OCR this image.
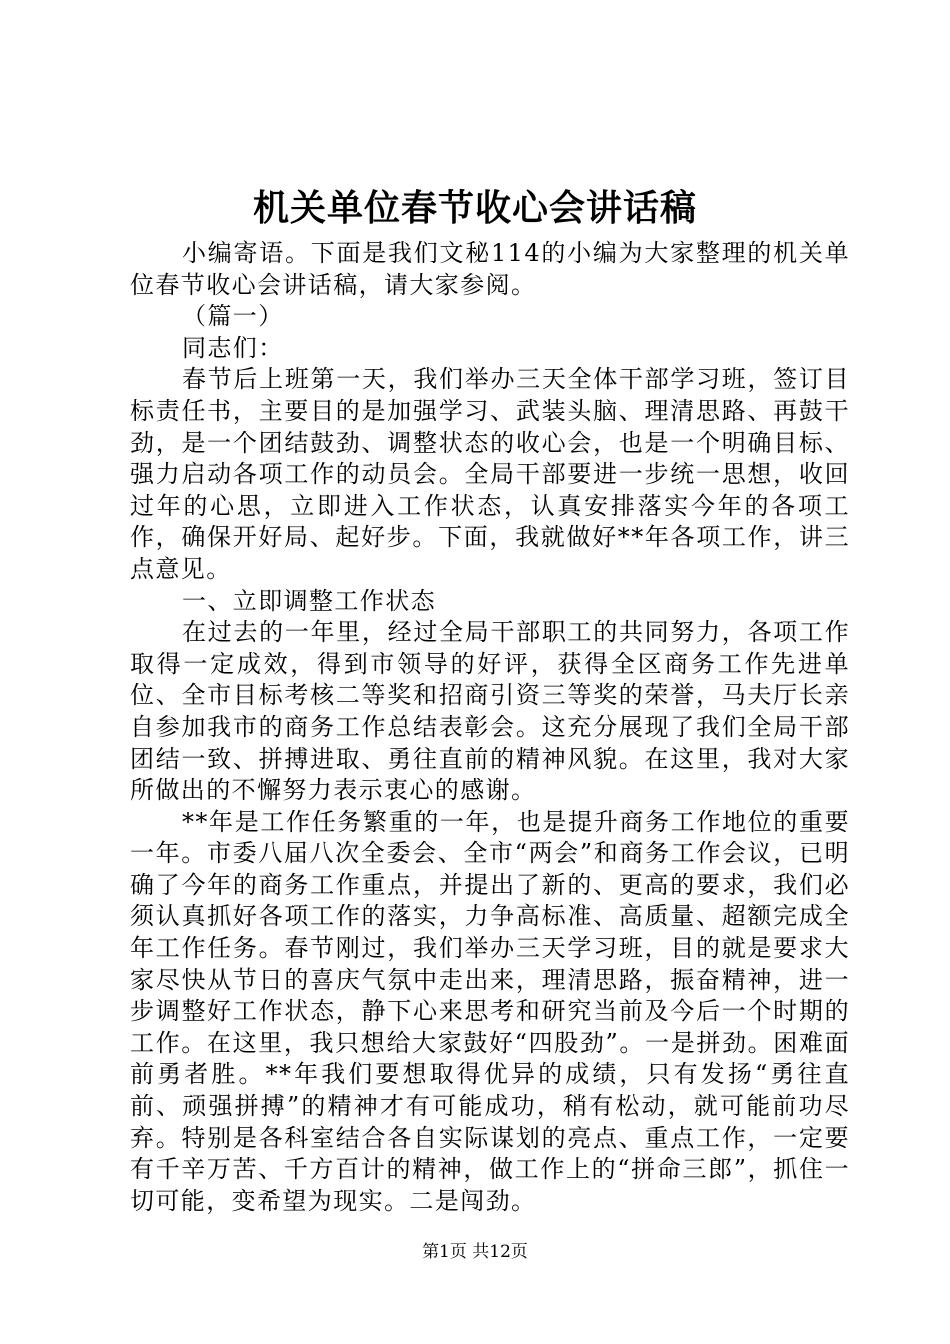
机关单位春节收心会讲话稿

小编寄语。下面是我们文秘114的小编为大家整理的机关单位春节收心会讲话稿，请大家参阅。

（篇一）

同志们：

春节后上班第一天，我们举办三天全体干部学习班，签订目标责任书，主要目的是加强学习、武装头脑、理清思路、再鼓干劲，是一个团结鼓劲、调整状态的收心会，也是一个明确目标、强力启动各项工作的动员会。全局干部要进一步统一思想，收回过年的心思，立即进入工作状态，认真安排落实今年的各项工作，确保开好局、起好步。下面，我就做好**年各项工作，讲三点意见。

一、立即调整工作状态

在过去的一年里，经过全局干部职工的共同努力，各项工作取得一定成效，得到市领导的好评，获得全区商务工作先进单位、全市目标考核二等奖和招商引资三等奖的荣誉，马夫厅长亲自参加我市的商务工作总结表彰会。这充分展现了我们全局干部团结一致、拼搏进取、勇往直前的精神风貌。在这里，我对大家所做出的不懈努力表示衷心的感谢。

**年是工作任务繁重的一年，也是提升商务工作地位的重要一年。市委八届八次全委会、全市“两会”和商务工作会议，已明确了今年的商务工作重点，并提出了新的、更高的要求，我们必须认真抓好各项工作的落实，力争高标准、高质量、超额完成全年工作任务。春节刚过，我们举办三天学习班，目的就是要求大家尽快从节日的喜庆气氛中走出来，理清思路，振奋精神，进一步调整好工作状态，静下心来思考和研究当前及今后一个时期的工作。在这里，我只想给大家鼓好“四股劲”。一是拼劲。困难面前勇者胜。**年我们要想取得优异的成绩，只有发扬“勇往直前、顽强拼搏”的精神才有可能成功，稍有松动，就可能前功尽弃。特别是各科室结合各自实际谋划的亮点、重点工作，一定要有千辛万苦、千方百计的精神，做工作上的“拼命三郎”，抓住一切可能，变希望为现实。二是闯劲。

第1页 共12页
